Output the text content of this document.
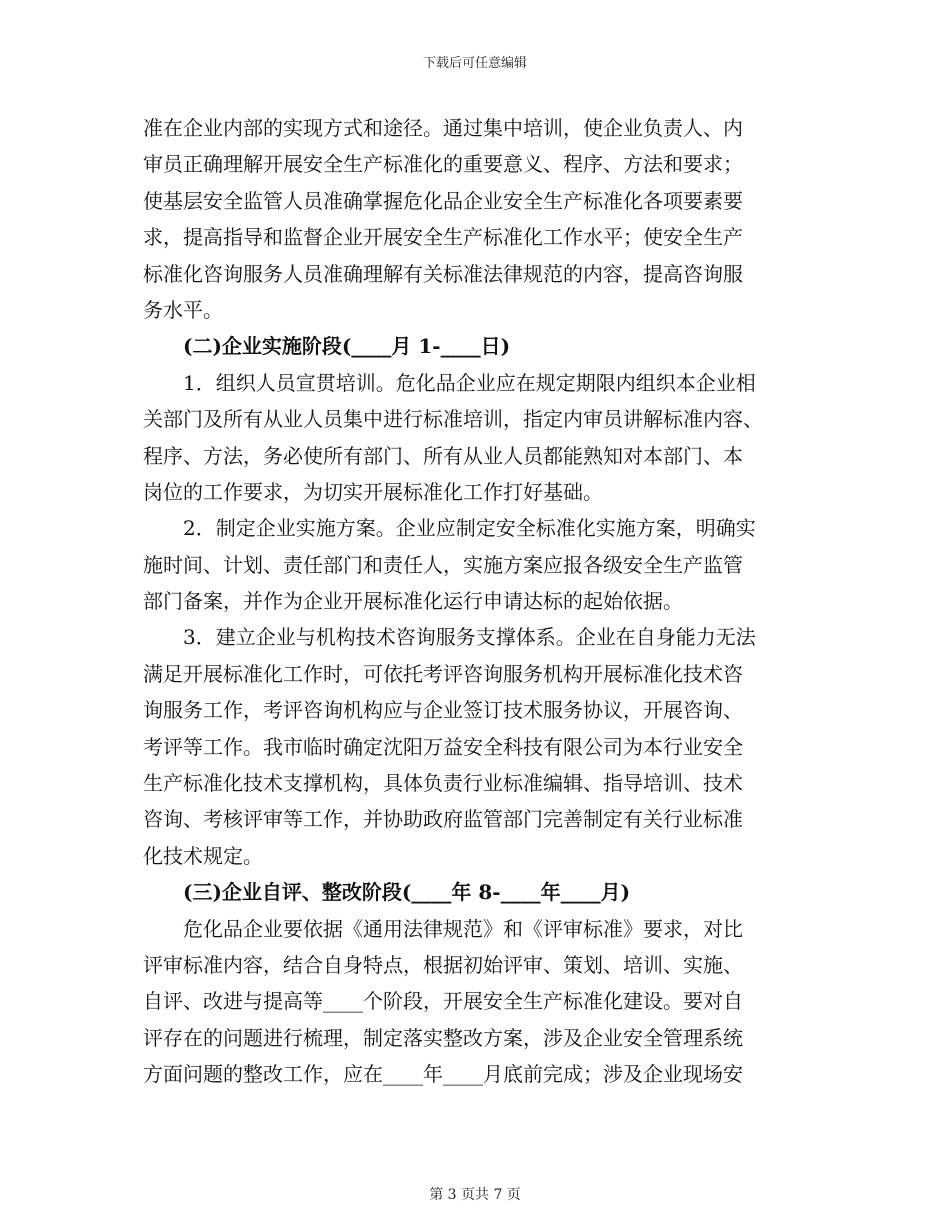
下载后可任意编辑
准在企业内部的实现方式和途径。通过集中培训，使企业负责人、内
审员正确理解开展安全生产标准化的重要意义、程序、方法和要求；
使基层安全监管人员准确掌握危化品企业安全生产标准化各项要素要
求，提高指导和监督企业开展安全生产标准化工作水平；使安全生产
标准化咨询服务人员准确理解有关标准法律规范的内容，提高咨询服
务水平。
(二)企业实施阶段(____月 1-____日)
1．组织人员宣贯培训。危化品企业应在规定期限内组织本企业相
关部门及所有从业人员集中进行标准培训，指定内审员讲解标准内容、
程序、方法，务必使所有部门、所有从业人员都能熟知对本部门、本
岗位的工作要求，为切实开展标准化工作打好基础。
2．制定企业实施方案。企业应制定安全标准化实施方案，明确实
施时间、计划、责任部门和责任人，实施方案应报各级安全生产监管
部门备案，并作为企业开展标准化运行申请达标的起始依据。
3．建立企业与机构技术咨询服务支撑体系。企业在自身能力无法
满足开展标准化工作时，可依托考评咨询服务机构开展标准化技术咨
询服务工作，考评咨询机构应与企业签订技术服务协议，开展咨询、
考评等工作。我市临时确定沈阳万益安全科技有限公司为本行业安全
生产标准化技术支撑机构，具体负责行业标准编辑、指导培训、技术
咨询、考核评审等工作，并协助政府监管部门完善制定有关行业标准
化技术规定。
(三)企业自评、整改阶段(____年 8-____年____月)
危化品企业要依据《通用法律规范》和《评审标准》要求，对比
评审标准内容，结合自身特点，根据初始评审、策划、培训、实施、
自评、改进与提高等____个阶段，开展安全生产标准化建设。要对自
评存在的问题进行梳理，制定落实整改方案，涉及企业安全管理系统
方面问题的整改工作，应在____年____月底前完成；涉及企业现场安
第 3 页共 7 页
